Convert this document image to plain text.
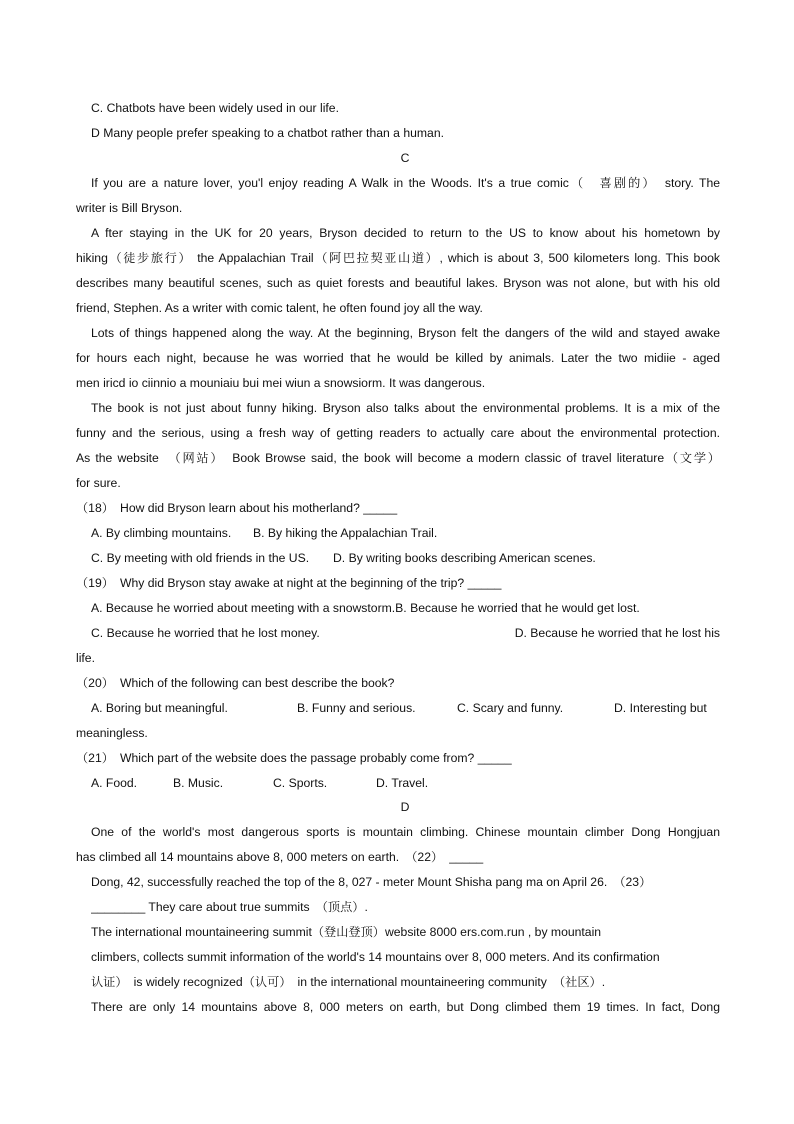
C. Chatbots have been widely used in our life.
D Many people prefer speaking to a chatbot rather than a human.
C
If you are a nature lover, you'l enjoy reading A Walk in the Woods. It's a true comic（　喜剧的）　story. The
writer is Bill Bryson.
A fter staying in the UK for 20 years, Bryson decided to return to the US to know about his hometown by
hiking（徒步旅行） the Appalachian Trail（阿巴拉契亚山道）, which is about 3, 500 kilometers long. This book
describes many beautiful scenes, such as quiet forests and beautiful lakes. Bryson was not alone, but with his old
friend, Stephen. As a writer with comic talent, he often found joy all the way.
Lots of things happened along the way. At the beginning, Bryson felt the dangers of the wild and stayed awake
for hours each night, because he was worried that he would be killed by animals. Later the two midiie - aged
men iricd io ciinnio a mouniaiu bui mei wiun a snowsiorm. It was dangerous.
The book is not just about funny hiking. Bryson also talks about the environmental problems. It is a mix of the
funny and the serious, using a fresh way of getting readers to actually care about the environmental protection.
As the website　（网站）　Book Browse said, the book will become a modern classic of travel literature（文学）
for sure.
（18）　How did Bryson learn about his motherland? _____
A. By climbing mountains. B. By hiking the Appalachian Trail.
C. By meeting with old friends in the US. D. By writing books describing American scenes.
（19）　Why did Bryson stay awake at night at the beginning of the trip? _____
A. Because he worried about meeting with a snowstorm.B. Because he worried that he would get lost.
C. Because he worried that he lost money.	D. Because he worried that he lost his
life.
（20）　Which of the following can best describe the book?
A. Boring but meaningful.	B. Funny and serious.	C. Scary and funny.	D. Interesting but
meaningless.
（21）　Which part of the website does the passage probably come from? _____
A. Food.	B. Music.	C. Sports.	D. Travel.
D
One of the world's most dangerous sports is mountain climbing. Chinese mountain climber Dong Hongjuan
has climbed all 14 mountains above 8, 000 meters on earth.　（22）　_____
Dong, 42, successfully reached the top of the 8, 027 - meter Mount Shisha pang ma on April 26.　（23）
________ They care about true summits　（顶点）.
The international mountaineering summit（登山登顶）website 8000 ers.com.run , by mountain
climbers, collects summit information of the world's 14 mountains over 8, 000 meters. And its confirmation
认证）　is widely recognized（认可）　in the international mountaineering community　（社区）.
There are only 14 mountains above 8, 000 meters on earth, but Dong climbed them 19 times. In fact, Dong
